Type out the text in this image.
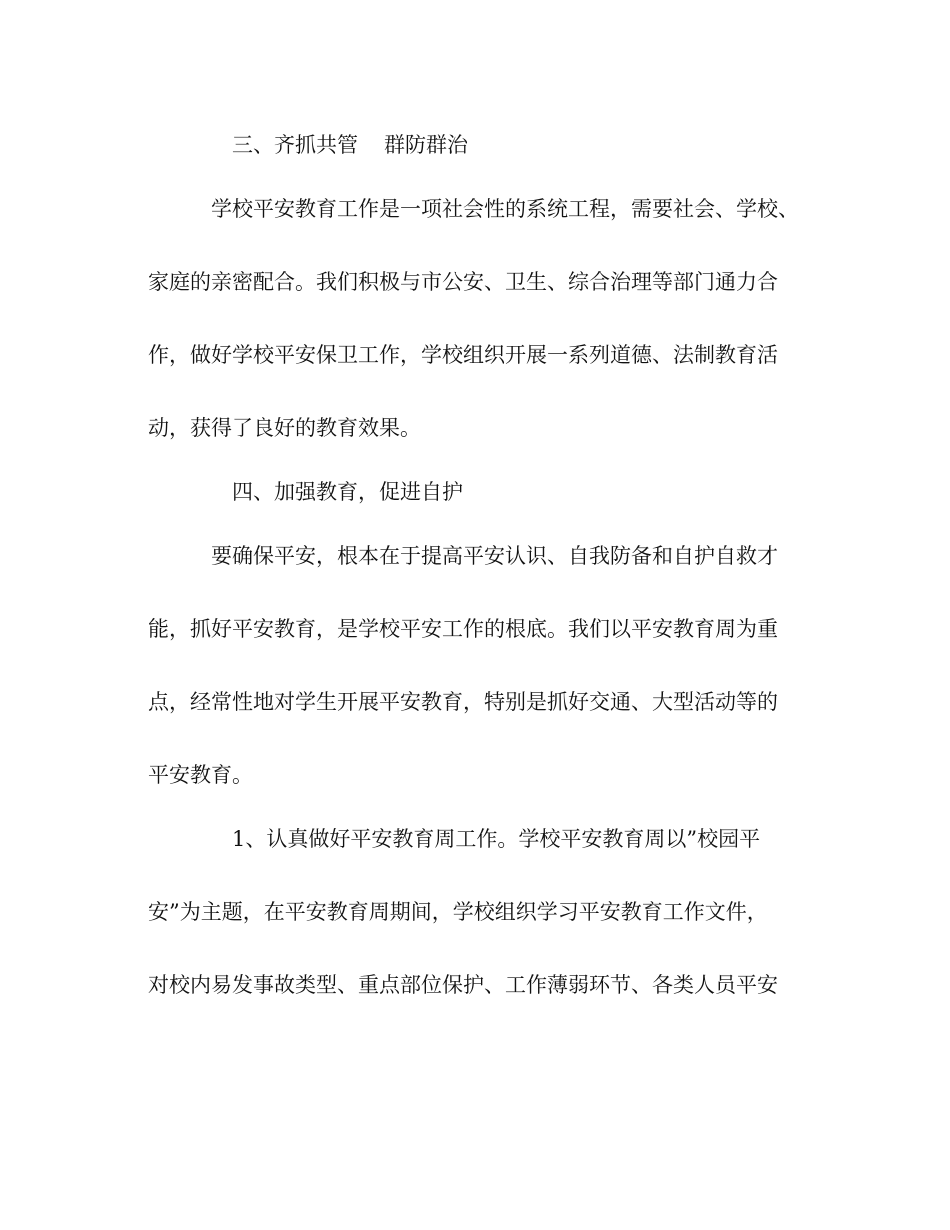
三、齐抓共管 群防群治
学校平安教育工作是一项社会性的系统工程，需要社会、学校、
家庭的亲密配合。我们积极与市公安、卫生、综合治理等部门通力合
作，做好学校平安保卫工作，学校组织开展一系列道德、法制教育活
动，获得了良好的教育效果。
四、加强教育，促进自护
要确保平安，根本在于提高平安认识、自我防备和自护自救才
能，抓好平安教育，是学校平安工作的根底。我们以平安教育周为重
点，经常性地对学生开展平安教育，特别是抓好交通、大型活动等的
平安教育。
1、认真做好平安教育周工作。学校平安教育周以”校园平
安”为主题，在平安教育周期间，学校组织学习平安教育工作文件，
对校内易发事故类型、重点部位保护、工作薄弱环节、各类人员平安
